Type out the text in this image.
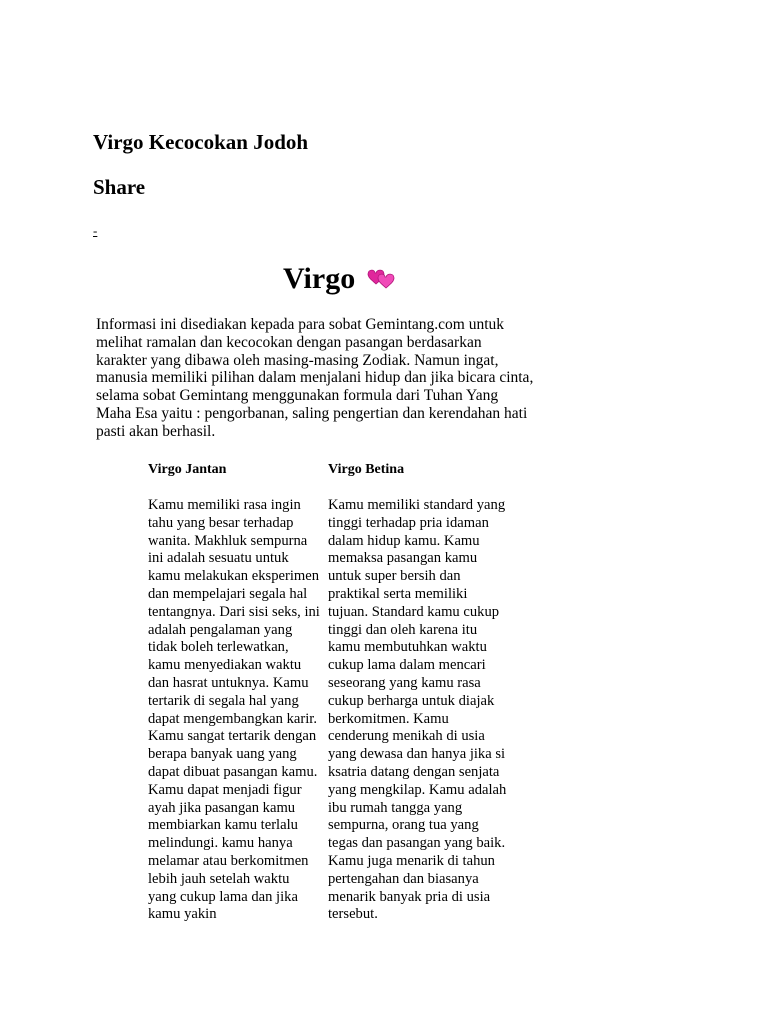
Virgo Kecocokan Jodoh
Share
-
Virgo

Informasi ini disediakan kepada para sobat Gemintang.com untuk melihat ramalan dan kecocokan dengan pasangan berdasarkan karakter yang dibawa oleh masing-masing Zodiak. Namun ingat, manusia memiliki pilihan dalam menjalani hidup dan jika bicara cinta, selama sobat Gemintang menggunakan formula dari Tuhan Yang Maha Esa yaitu : pengorbanan, saling pengertian dan kerendahan hati pasti akan berhasil.

Virgo Jantan

Kamu memiliki rasa ingin tahu yang besar terhadap wanita. Makhluk sempurna ini adalah sesuatu untuk kamu melakukan eksperimen dan mempelajari segala hal tentangnya. Dari sisi seks, ini adalah pengalaman yang tidak boleh terlewatkan, kamu menyediakan waktu dan hasrat untuknya. Kamu tertarik di segala hal yang dapat mengembangkan karir. Kamu sangat tertarik dengan berapa banyak uang yang dapat dibuat pasangan kamu. Kamu dapat menjadi figur ayah jika pasangan kamu membiarkan kamu terlalu melindungi. kamu hanya melamar atau berkomitmen lebih jauh setelah waktu yang cukup lama dan jika kamu yakin

Virgo Betina

Kamu memiliki standard yang tinggi terhadap pria idaman dalam hidup kamu. Kamu memaksa pasangan kamu untuk super bersih dan praktikal serta memiliki tujuan. Standard kamu cukup tinggi dan oleh karena itu kamu membutuhkan waktu cukup lama dalam mencari seseorang yang kamu rasa cukup berharga untuk diajak berkomitmen. Kamu cenderung menikah di usia yang dewasa dan hanya jika si ksatria datang dengan senjata yang mengkilap. Kamu adalah ibu rumah tangga yang sempurna, orang tua yang tegas dan pasangan yang baik. Kamu juga menarik di tahun pertengahan dan biasanya menarik banyak pria di usia tersebut.
